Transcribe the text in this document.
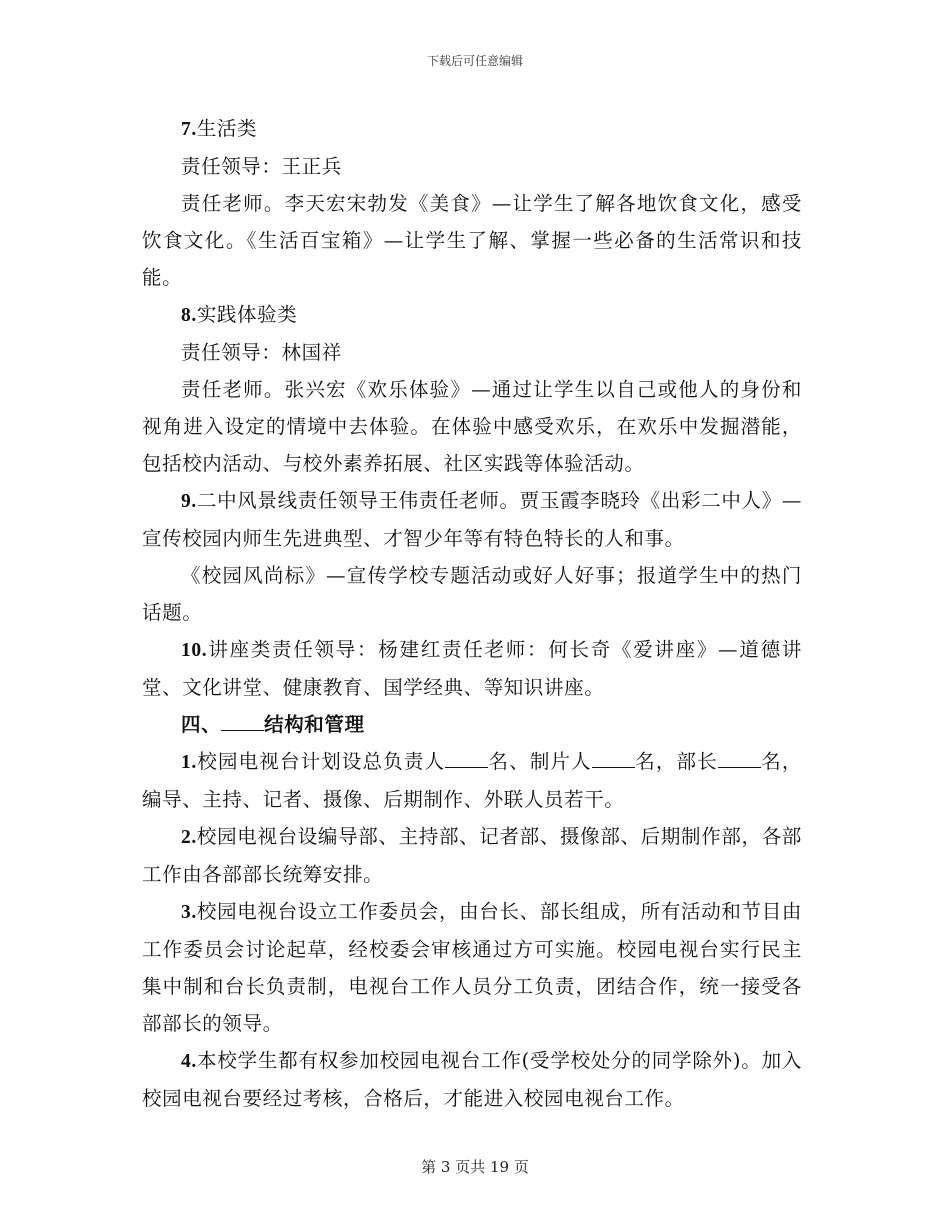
下载后可任意编辑

7.生活类

责任领导：王正兵

责任老师。李天宏宋勃发《美食》—让学生了解各地饮食文化，感受饮食文化。《生活百宝箱》—让学生了解、掌握一些必备的生活常识和技能。

8.实践体验类

责任领导：林国祥

责任老师。张兴宏《欢乐体验》—通过让学生以自己或他人的身份和视角进入设定的情境中去体验。在体验中感受欢乐，在欢乐中发掘潜能，包括校内活动、与校外素养拓展、社区实践等体验活动。

9.二中风景线责任领导王伟责任老师。贾玉霞李晓玲《出彩二中人》—宣传校园内师生先进典型、才智少年等有特色特长的人和事。

《校园风尚标》—宣传学校专题活动或好人好事；报道学生中的热门话题。

10.讲座类责任领导：杨建红责任老师：何长奇《爱讲座》—道德讲堂、文化讲堂、健康教育、国学经典、等知识讲座。

四、 结构和管理

1.校园电视台计划设总负责人 名、制片人 名，部长 名，编导、主持、记者、摄像、后期制作、外联人员若干。

2.校园电视台设编导部、主持部、记者部、摄像部、后期制作部，各部工作由各部部长统筹安排。

3.校园电视台设立工作委员会，由台长、部长组成，所有活动和节目由工作委员会讨论起草，经校委会审核通过方可实施。校园电视台实行民主集中制和台长负责制，电视台工作人员分工负责，团结合作，统一接受各部部长的领导。

4.本校学生都有权参加校园电视台工作(受学校处分的同学除外)。加入校园电视台要经过考核，合格后，才能进入校园电视台工作。

第 3 页共 19 页
